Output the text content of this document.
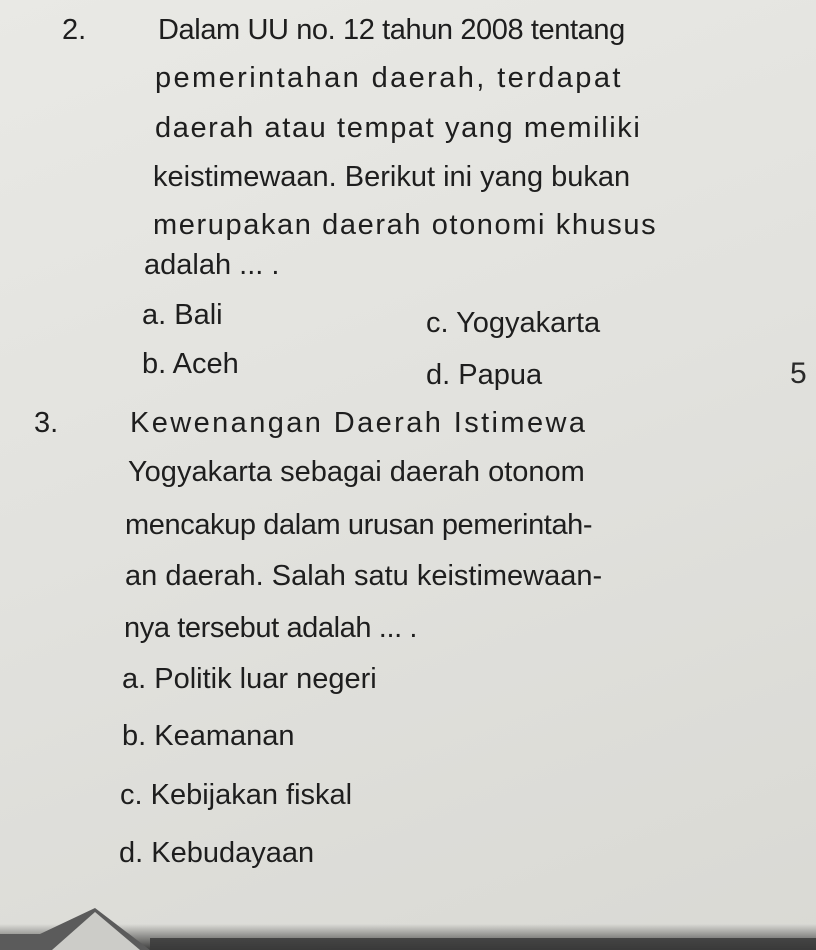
2. Dalam UU no. 12 tahun 2008 tentang
pemerintahan daerah, terdapat
daerah atau tempat yang memiliki
keistimewaan. Berikut ini yang bukan
merupakan daerah otonomi khusus
adalah ... .
a. Bali
b. Aceh
c. Yogyakarta
d. Papua	5
3. Kewenangan Daerah Istimewa
Yogyakarta sebagai daerah otonom
mencakup dalam urusan pemerintah-
an daerah. Salah satu keistimewaan-
nya tersebut adalah ... .
a. Politik luar negeri
b. Keamanan
c. Kebijakan fiskal
d. Kebudayaan
